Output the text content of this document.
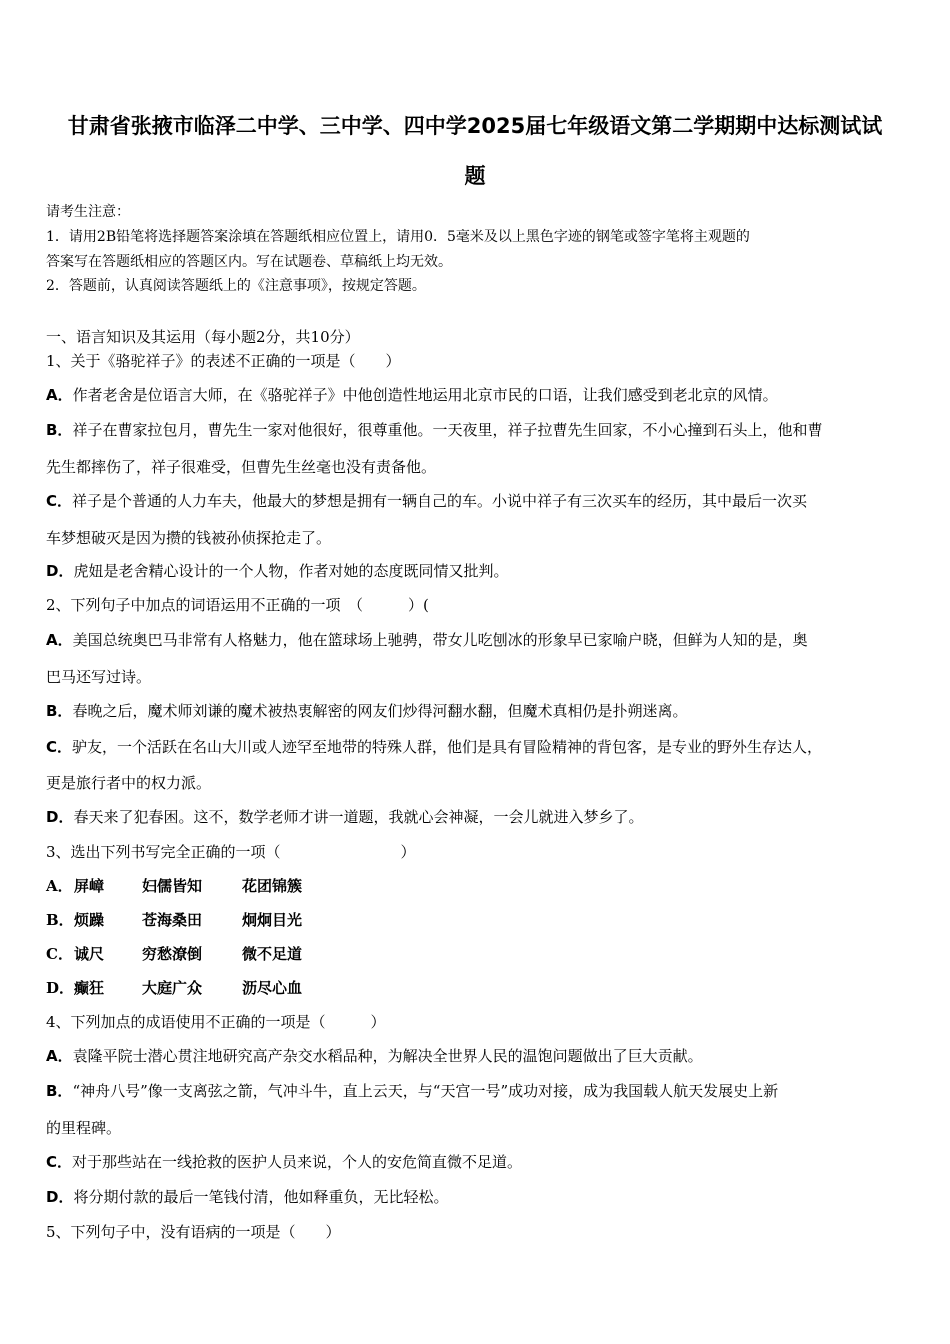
甘肃省张掖市临泽二中学、三中学、四中学2025届七年级语文第二学期期中达标测试试
题
请考生注意：
1．请用2B铅笔将选择题答案涂填在答题纸相应位置上，请用0．5毫米及以上黑色字迹的钢笔或签字笔将主观题的
答案写在答题纸相应的答题区内。写在试题卷、草稿纸上均无效。
2．答题前，认真阅读答题纸上的《注意事项》，按规定答题。
一、语言知识及其运用（每小题2分，共10分）
1、关于《骆驼祥子》的表述不正确的一项是（　　）
A．作者老舍是位语言大师，在《骆驼祥子》中他创造性地运用北京市民的口语，让我们感受到老北京的风情。
B．祥子在曹家拉包月，曹先生一家对他很好，很尊重他。一天夜里，祥子拉曹先生回家，不小心撞到石头上，他和曹
先生都摔伤了，祥子很难受，但曹先生丝毫也没有责备他。
C．祥子是个普通的人力车夫，他最大的梦想是拥有一辆自己的车。小说中祥子有三次买车的经历，其中最后一次买
车梦想破灭是因为攒的钱被孙侦探抢走了。
D．虎妞是老舍精心设计的一个人物，作者对她的态度既同情又批判。
2、下列句子中加点的词语运用不正确的一项　（　　　）(
A．美国总统奥巴马非常有人格魅力，他在篮球场上驰骋，带女儿吃刨冰的形象早已家喻户晓，但鲜为人知的是，奥
巴马还写过诗。
B．春晚之后，魔术师刘谦的魔术被热衷解密的网友们炒得河翻水翻，但魔术真相仍是扑朔迷离。
C．驴友，一个活跃在名山大川或人迹罕至地带的特殊人群，他们是具有冒险精神的背包客，是专业的野外生存达人，
更是旅行者中的权力派。
D．春天来了犯春困。这不，数学老师才讲一道题，我就心会神凝，一会儿就进入梦乡了。
3、选出下列书写完全正确的一项（　　　　　　　　）
A． 屏嶂	妇儒皆知	花团锦簇
B． 烦躁	苍海桑田	炯炯目光
C． 诚尺	穷愁潦倒	微不足道
D． 癫狂	大庭广众	沥尽心血
4、下列加点的成语使用不正确的一项是（　　　）
A．袁隆平院士潜心贯注地研究高产杂交水稻品种，为解决全世界人民的温饱问题做出了巨大贡献。
B．“神舟八号”像一支离弦之箭，气冲斗牛，直上云天，与“天宫一号”成功对接，成为我国载人航天发展史上新
的里程碑。
C．对于那些站在一线抢救的医护人员来说，个人的安危简直微不足道。
D．将分期付款的最后一笔钱付清，他如释重负，无比轻松。
5、下列句子中，没有语病的一项是（　　）
